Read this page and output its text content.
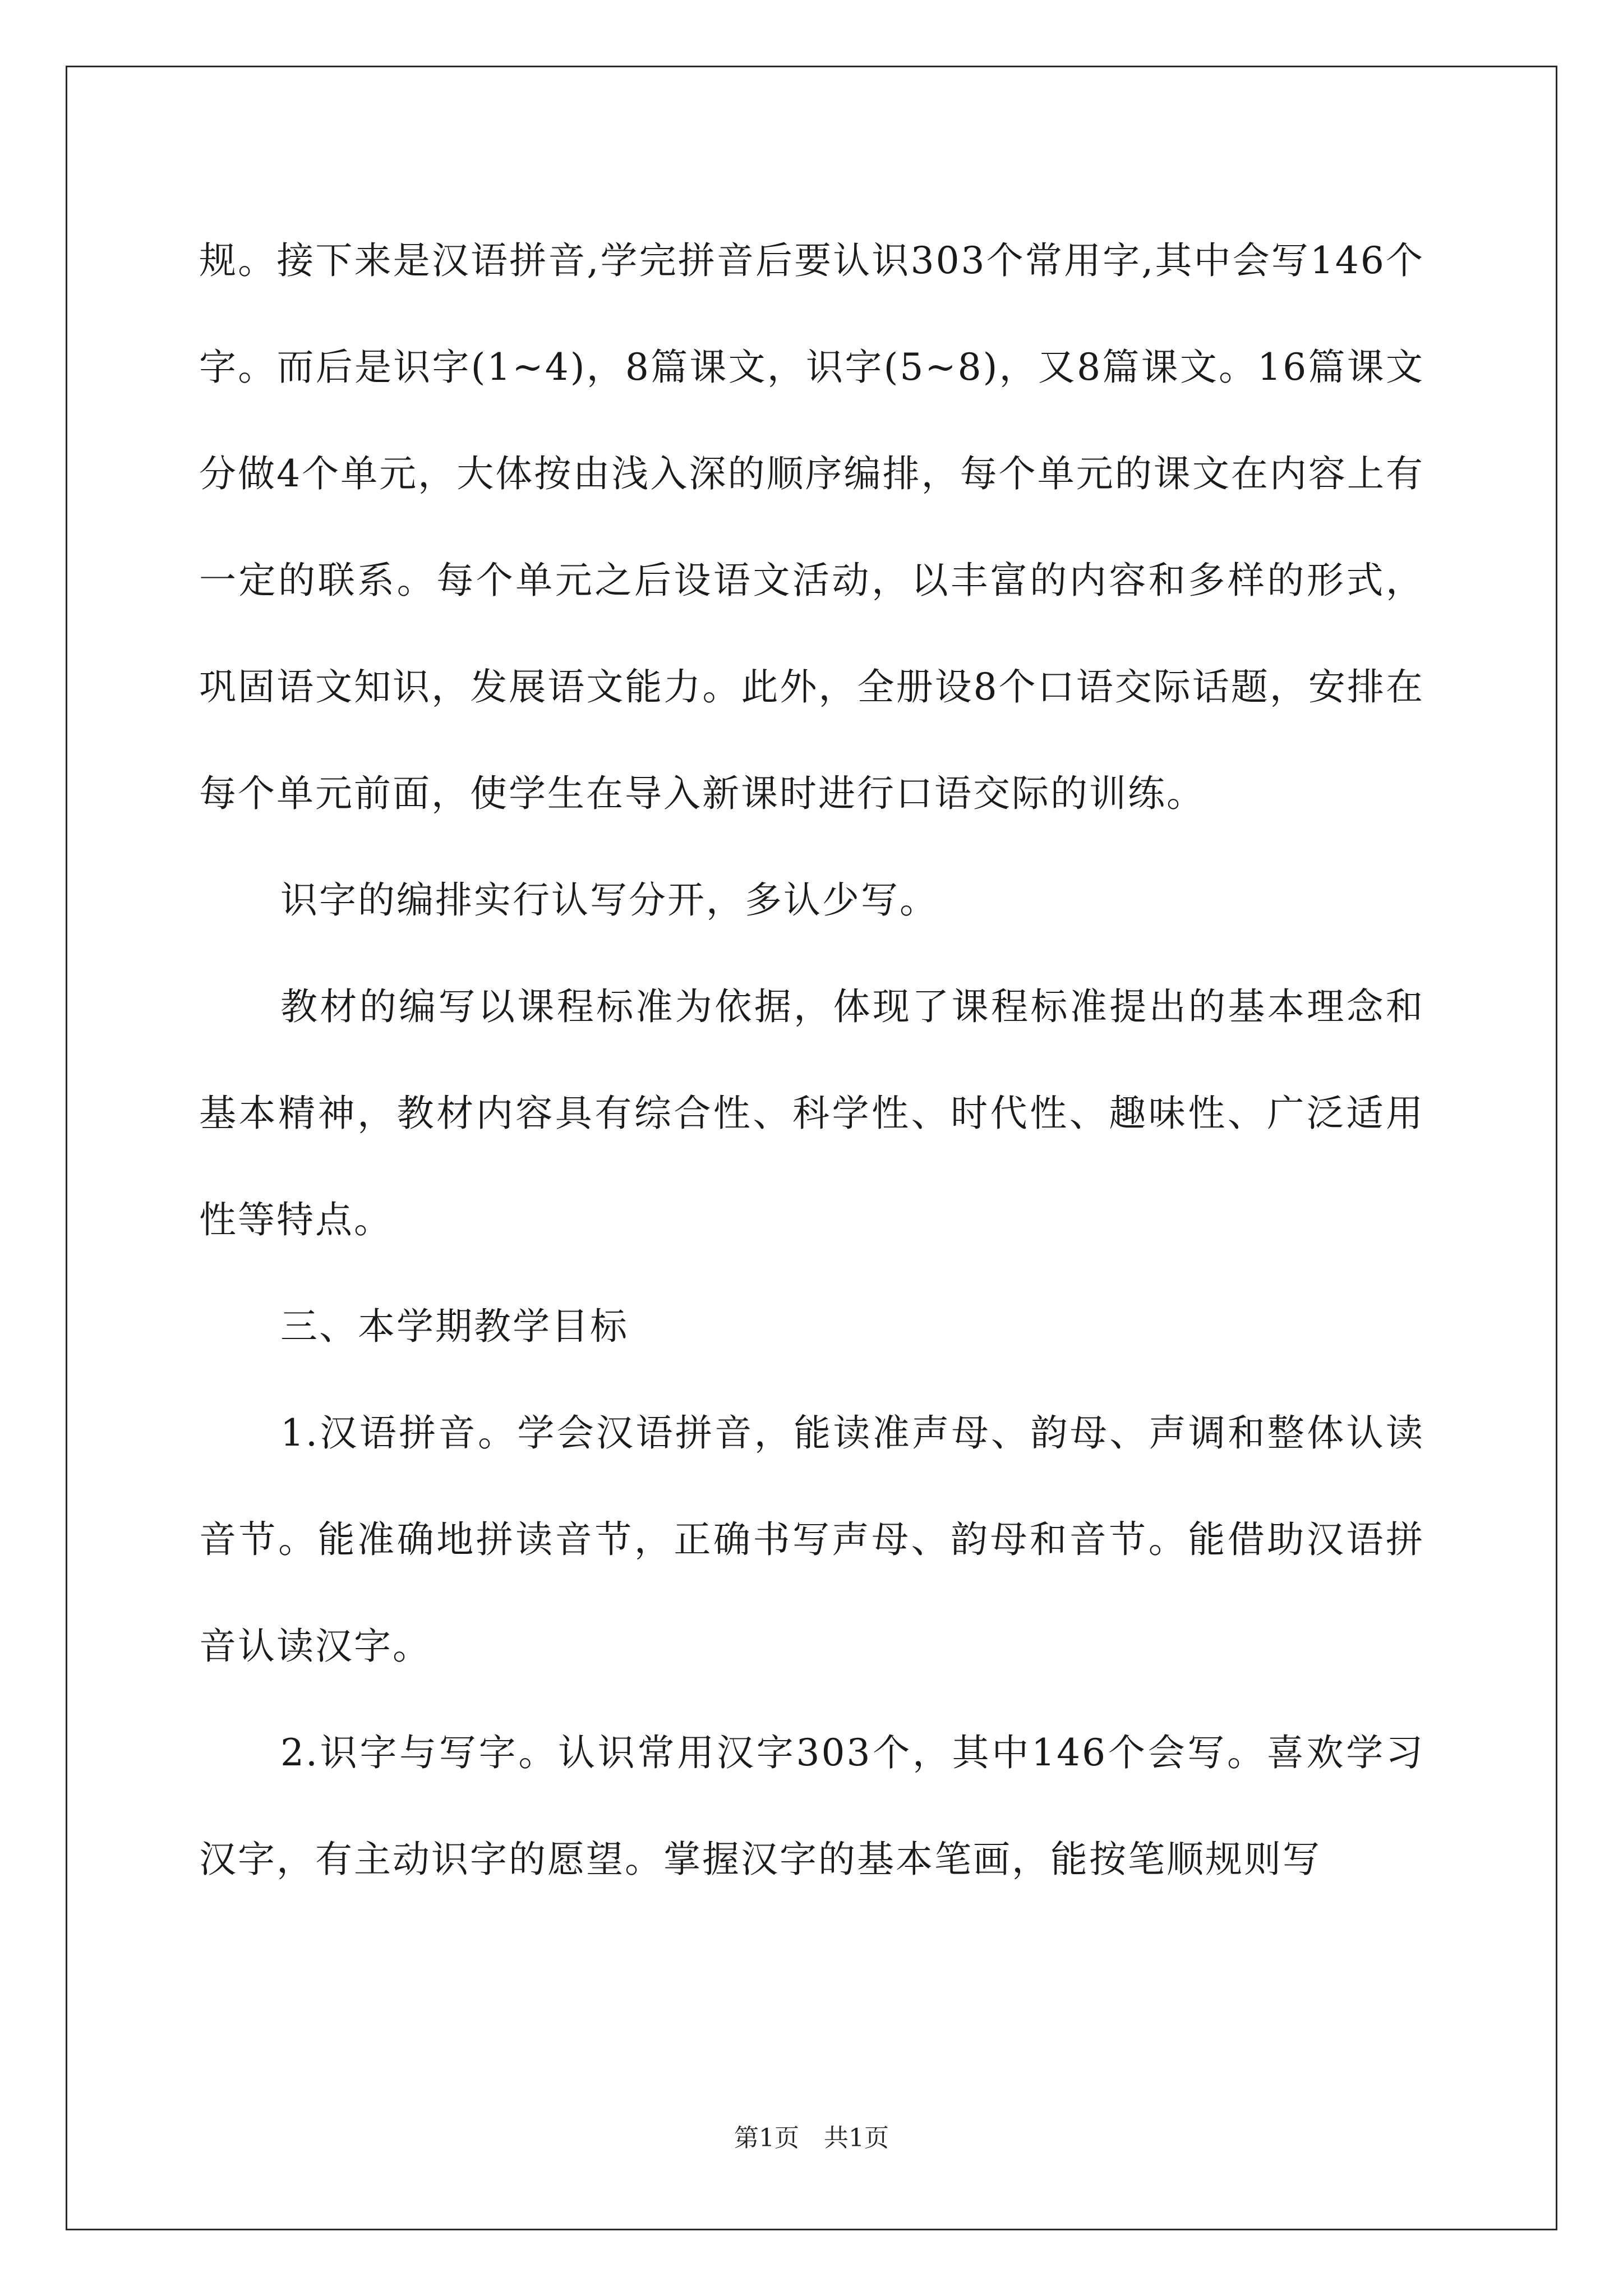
规。接下来是汉语拼音,学完拼音后要认识303个常用字,其中会写146个字。而后是识字(1~4)，8篇课文，识字(5~8)，又8篇课文。16篇课文分做4个单元，大体按由浅入深的顺序编排，每个单元的课文在内容上有一定的联系。每个单元之后设语文活动，以丰富的内容和多样的形式，巩固语文知识，发展语文能力。此外，全册设8个口语交际话题，安排在每个单元前面，使学生在导入新课时进行口语交际的训练。

识字的编排实行认写分开，多认少写。

教材的编写以课程标准为依据，体现了课程标准提出的基本理念和基本精神，教材内容具有综合性、科学性、时代性、趣味性、广泛适用性等特点。

三、本学期教学目标

1.汉语拼音。学会汉语拼音，能读准声母、韵母、声调和整体认读音节。能准确地拼读音节，正确书写声母、韵母和音节。能借助汉语拼音认读汉字。

2.识字与写字。认识常用汉字303个，其中146个会写。喜欢学习汉字，有主动识字的愿望。掌握汉字的基本笔画，能按笔顺规则写

第1页 共1页
